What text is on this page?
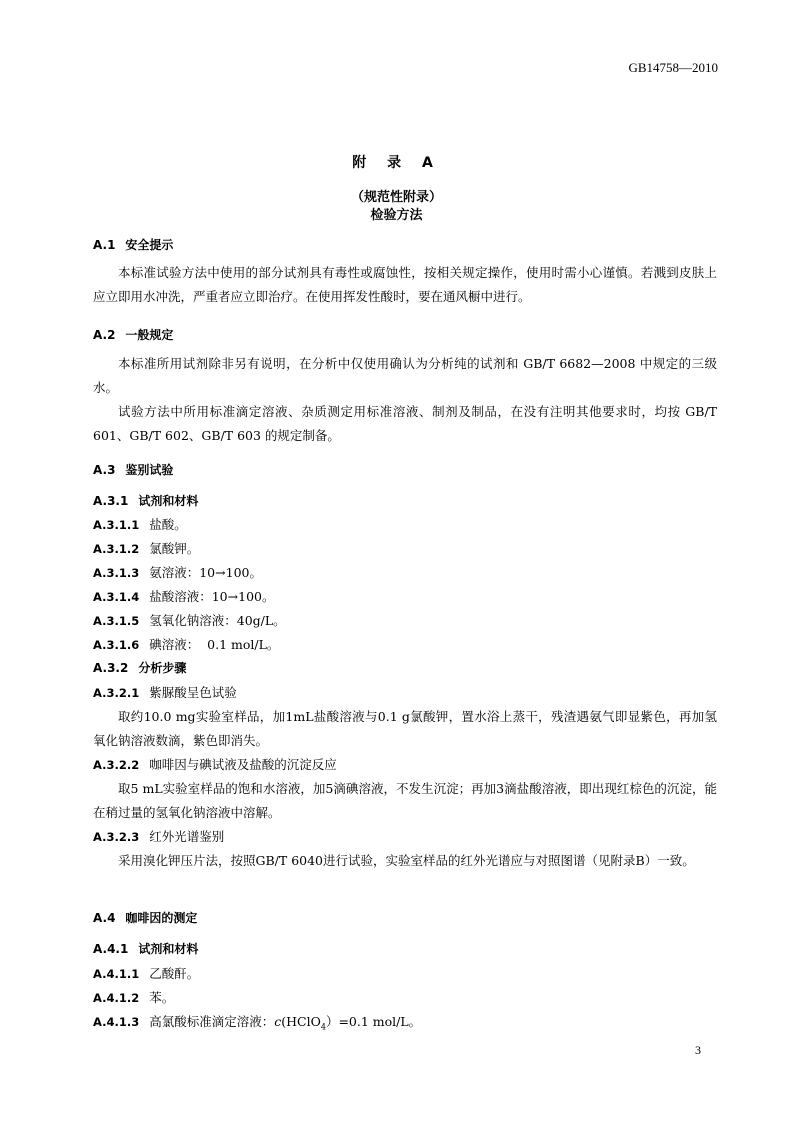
GB14758—2010
附 录 A
（规范性附录）
检验方法
A.1 安全提示
本标准试验方法中使用的部分试剂具有毒性或腐蚀性，按相关规定操作，使用时需小心谨慎。若溅到皮肤上应立即用水冲洗，严重者应立即治疗。在使用挥发性酸时，要在通风橱中进行。
A.2 一般规定
本标准所用试剂除非另有说明，在分析中仅使用确认为分析纯的试剂和 GB/T 6682—2008 中规定的三级水。
试验方法中所用标准滴定溶液、杂质测定用标准溶液、制剂及制品，在没有注明其他要求时，均按 GB/T 601、GB/T 602、GB/T 603 的规定制备。
A.3 鉴别试验
A.3.1 试剂和材料
A.3.1.1 盐酸。
A.3.1.2 氯酸钾。
A.3.1.3 氨溶液：10→100。
A.3.1.4 盐酸溶液：10→100。
A.3.1.5 氢氧化钠溶液：40g/L。
A.3.1.6 碘溶液：  0.1 mol/L。
A.3.2 分析步骤
A.3.2.1 紫脲酸呈色试验
取约10.0 mg实验室样品，加1mL盐酸溶液与0.1 g氯酸钾，置水浴上蒸干，残渣遇氨气即显紫色，再加氢氧化钠溶液数滴，紫色即消失。
A.3.2.2 咖啡因与碘试液及盐酸的沉淀反应
取5 mL实验室样品的饱和水溶液，加5滴碘溶液，不发生沉淀；再加3滴盐酸溶液，即出现红棕色的沉淀，能在稍过量的氢氧化钠溶液中溶解。
A.3.2.3 红外光谱鉴别
采用溴化钾压片法，按照GB/T 6040进行试验，实验室样品的红外光谱应与对照图谱（见附录B）一致。
A.4 咖啡因的测定
A.4.1 试剂和材料
A.4.1.1 乙酸酐。
A.4.1.2 苯。
A.4.1.3 高氯酸标准滴定溶液：c(HClO$_4$）=0.1 mol/L。
3
